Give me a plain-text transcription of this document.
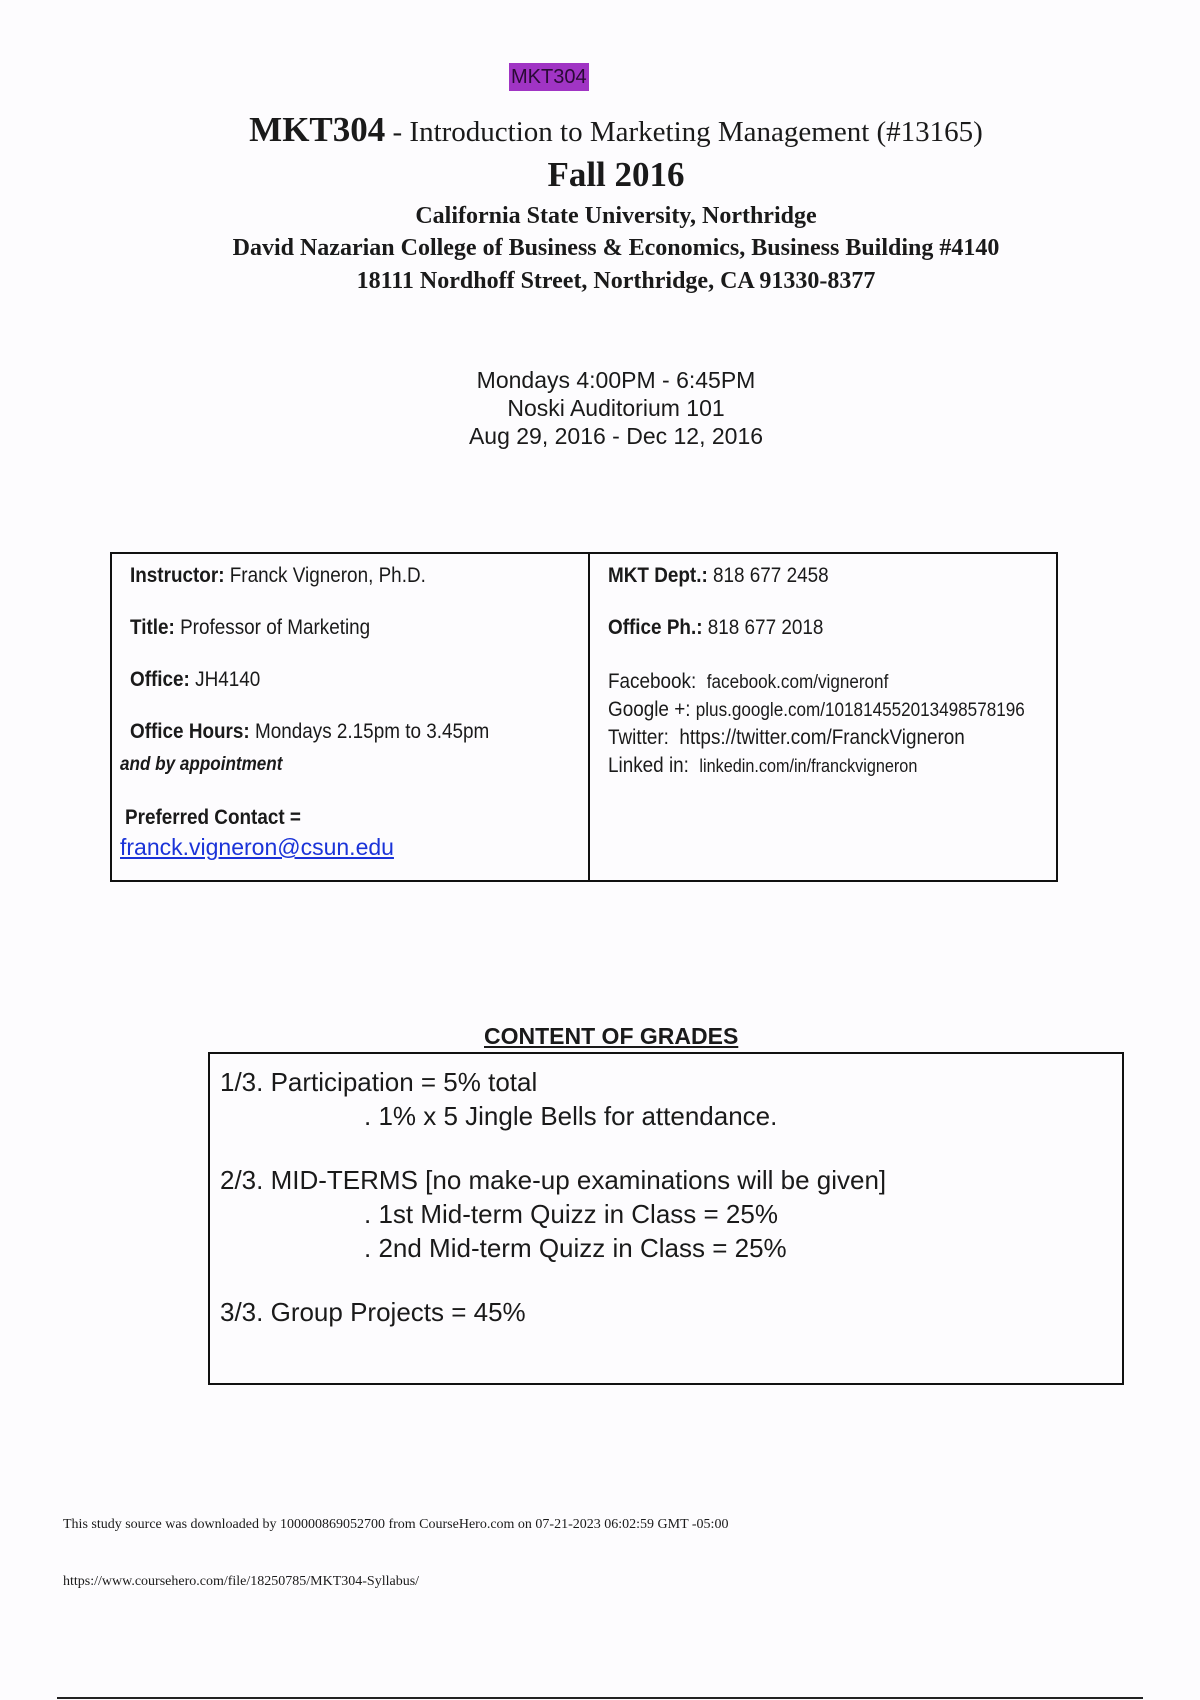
MKT304
MKT304 - Introduction to Marketing Management (#13165)
Fall 2016
California State University, Northridge
David Nazarian College of Business & Economics, Business Building #4140
18111 Nordhoff Street, Northridge, CA 91330-8377
Mondays 4:00PM - 6:45PM
Noski Auditorium 101
Aug 29, 2016 - Dec 12, 2016
Instructor: Franck Vigneron, Ph.D.
Title: Professor of Marketing
Office: JH4140
Office Hours: Mondays 2.15pm to 3.45pm
and by appointment
Preferred Contact =
franck.vigneron@csun.edu
MKT Dept.: 818 677 2458
Office Ph.: 818 677 2018
Facebook: facebook.com/vigneronf
Google +: plus.google.com/101814552013498578196
Twitter: https://twitter.com/FranckVigneron
Linked in: linkedin.com/in/franckvigneron
CONTENT OF GRADES
1/3. Participation = 5% total
. 1% x 5 Jingle Bells for attendance.
2/3. MID-TERMS [no make-up examinations will be given]
. 1st Mid-term Quizz in Class = 25%
. 2nd Mid-term Quizz in Class = 25%
3/3. Group Projects = 45%
This study source was downloaded by 100000869052700 from CourseHero.com on 07-21-2023 06:02:59 GMT -05:00
https://www.coursehero.com/file/18250785/MKT304-Syllabus/
